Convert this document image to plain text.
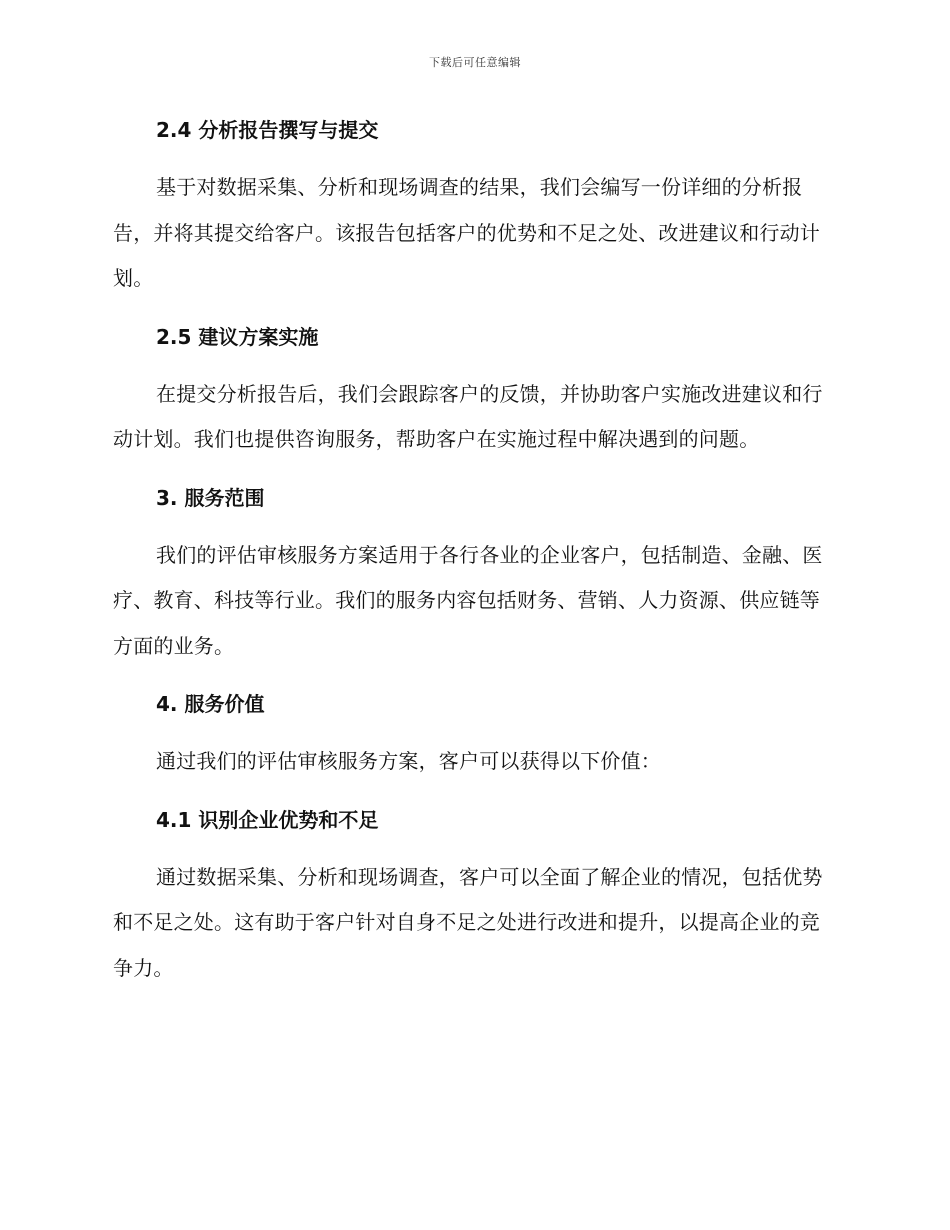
下载后可任意编辑
2.4 分析报告撰写与提交

基于对数据采集、分析和现场调查的结果，我们会编写一份详细的分析报告，并将其提交给客户。该报告包括客户的优势和不足之处、改进建议和行动计划。

2.5 建议方案实施

在提交分析报告后，我们会跟踪客户的反馈，并协助客户实施改进建议和行动计划。我们也提供咨询服务，帮助客户在实施过程中解决遇到的问题。

3. 服务范围

我们的评估审核服务方案适用于各行各业的企业客户，包括制造、金融、医疗、教育、科技等行业。我们的服务内容包括财务、营销、人力资源、供应链等方面的业务。

4. 服务价值

通过我们的评估审核服务方案，客户可以获得以下价值：

4.1 识别企业优势和不足

通过数据采集、分析和现场调查，客户可以全面了解企业的情况，包括优势和不足之处。这有助于客户针对自身不足之处进行改进和提升，以提高企业的竞争力。
